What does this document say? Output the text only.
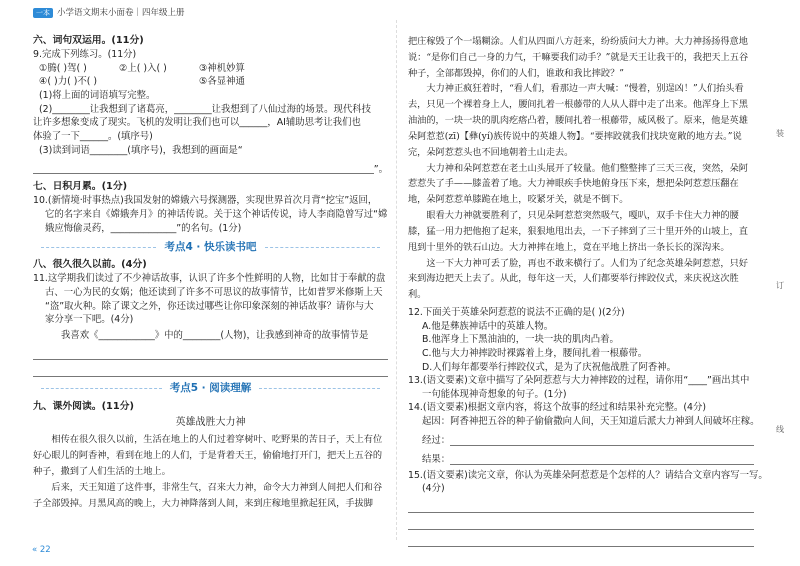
一本 小学语文期末小面卷｜四年级上册

六、词句双运用。(11分)

9.完成下列练习。(11分)

①腾( )驾( )	②上( )入( )	③神机妙算
④( )力( )不( )	⑤各显神通

(1)将上面的词语填写完整。

(2)________让我想到了诸葛亮，________让我想到了八仙过海的场景。现代科技

让许多想象变成了现实。飞机的发明让我们也可以______，AI辅助思考让我们也

体验了一下______。(填序号)

(3)读到词语________(填序号)，我想到的画面是“

”。

七、日积月累。(1分)

10.(新情境·时事热点)我国发射的嫦娥六号探测器，实现世界首次月背“挖宝”返回，

它的名字来自《嫦娥奔月》的神话传说。关于这个神话传说，诗人李商隐曾写过“嫦

娥应悔偷灵药，______________”的名句。(1分)

考点4 · 快乐读书吧

八、很久很久以前。(4分)

11.这学期我们读过了不少神话故事，认识了许多个性鲜明的人物，比如甘于奉献的盘

古、一心为民的女娲；他还读到了许多不可思议的故事情节，比如普罗米修斯上天

“盗”取火种。除了课文之外，你还读过哪些让你印象深刻的神话故事？请你与大

家分享一下吧。(4分)

我喜欢《____________》中的________(人物)，让我感到神奇的故事情节是

考点5 · 阅读理解

九、课外阅读。(11分)

英雄战胜大力神

相传在很久很久以前，生活在地上的人们过着穿树叶、吃野果的苦日子，天上有位好心眼儿的阿香神，看到在地上的人们，于是背着天王，偷偷地打开门，把天上五谷的种子，撒到了人们生活的土地上。

后来，天王知道了这件事，非常生气，召来大力神，命令大力神到人间把人们和谷子全部毁掉。月黑风高的晚上，大力神降落到人间，来到庄稼地里掀起狂风，手拔脚

« 22

把庄稼毁了个一塌糊涂。人们从四面八方赶来，纷纷质问大力神。大力神扬扬得意地说：“是你们自己一身的力气，干嘛要我们动手？”就是天王让我干的，我把天上五谷种子，全部都毁掉，你们的人们，谁敢和我比摔跤？”

大力神正疯狂着时，“看人们，看那边一声大喊：“慢着，别逞凶！”人们抬头看去，只见一个裸着身上人，腰间扎着一根藤带的人从人群中走了出来。他浑身上下黑油油的，一块一块的肌肉疙瘩凸着，腰间扎着一根藤带，威风极了。原来，他是英雄朵阿惹惹(zī)【彝(yí)族传说中的英雄人物】。“要摔跤就我们找块宽敞的地方去。”说完，朵阿惹惹头也不回地朝着土山走去。

大力神和朵阿惹惹在老土山头展开了较量。他们整整摔了三天三夜，突然，朵阿惹惹失了手——膝盖着了地。大力神眼疾手快地俯身压下来，想把朵阿惹惹压翻在地，朵阿惹惹单膝跪在地上，咬紧牙关，就是不倒下。

眼看大力神就要胜利了，只见朵阿惹惹突然吸气，嘎叭，双手卡住大力神的腰膝，猛一用力把他抱了起来，狠狠地甩出去，一下子摔到了三十里开外的山坡上，直甩到十里外的铁石山边。大力神摔在地上，竟在平地上挤出一条长长的深沟来。

这一下大力神可丢了脸，再也不敢来横行了。人们为了纪念英雄朵阿惹惹，只好来到海边把天上去了。从此，每年这一天，人们都要举行摔跤仪式，来庆祝这次胜利。

12.下面关于英雄朵阿惹惹的说法不正确的是( )(2分)

A.他是彝族神话中的英雄人物。

B.他浑身上下黑油油的，一块一块的肌肉凸着。

C.他与大力神摔跤时裸露着上身，腰间扎着一根藤带。

D.人们每年都要举行摔跤仪式，是为了庆祝他战胜了阿香神。

13.(语文要素)文章中描写了朵阿惹惹与大力神摔跤的过程，请你用“____”画出其中

一句能体现神奇想象的句子。(1分)

14.(语文要素)根据文章内容，将这个故事的经过和结果补充完整。(4分)

起因：阿香神把五谷的种子偷偷撒向人间，天王知道后派大力神到人间破坏庄稼。

经过：
结果：

15.(语文要素)读完文章，你认为英雄朵阿惹惹是个怎样的人？请结合文章内容写一写。

(4分)

装
订
线
